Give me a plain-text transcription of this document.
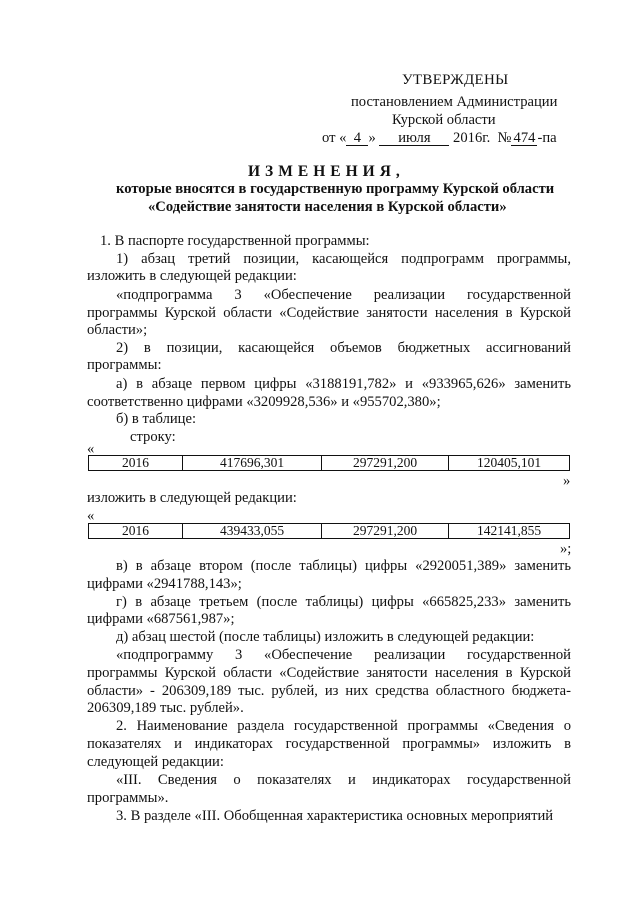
УТВЕРЖДЕНЫ
постановлением Администрации
Курской области
от « 4 » июля 2016г. № 474 -па
ИЗМЕНЕНИЯ,
которые вносятся в государственную программу Курской области
«Содействие занятости населения в Курской области»
1. В паспорте государственной программы:
1) абзац третий позиции, касающейся подпрограмм программы,
изложить в следующей редакции:
«подпрограмма 3 «Обеспечение реализации государственной
программы Курской области «Содействие занятости населения в Курской
области»;
2) в позиции, касающейся объемов бюджетных ассигнований
программы:
а) в абзаце первом цифры «3188191,782» и «933965,626» заменить
соответственно цифрами «3209928,536» и «955702,380»;
б) в таблице:
строку:
«
2016	417696,301	297291,200	120405,101
»
изложить в следующей редакции:
«
2016	439433,055	297291,200	142141,855
»;
в) в абзаце втором (после таблицы) цифры «2920051,389» заменить
цифрами «2941788,143»;
г) в абзаце третьем (после таблицы) цифры «665825,233» заменить
цифрами «687561,987»;
д) абзац шестой (после таблицы) изложить в следующей редакции:
«подпрограмму 3 «Обеспечение реализации государственной
программы Курской области «Содействие занятости населения в Курской
области» - 206309,189 тыс. рублей, из них средства областного бюджета-
206309,189 тыс. рублей».
2. Наименование раздела государственной программы «Сведения о
показателях и индикаторах государственной программы» изложить в
следующей редакции:
«III. Сведения о показателях и индикаторах государственной
программы».
3. В разделе «III. Обобщенная характеристика основных мероприятий
